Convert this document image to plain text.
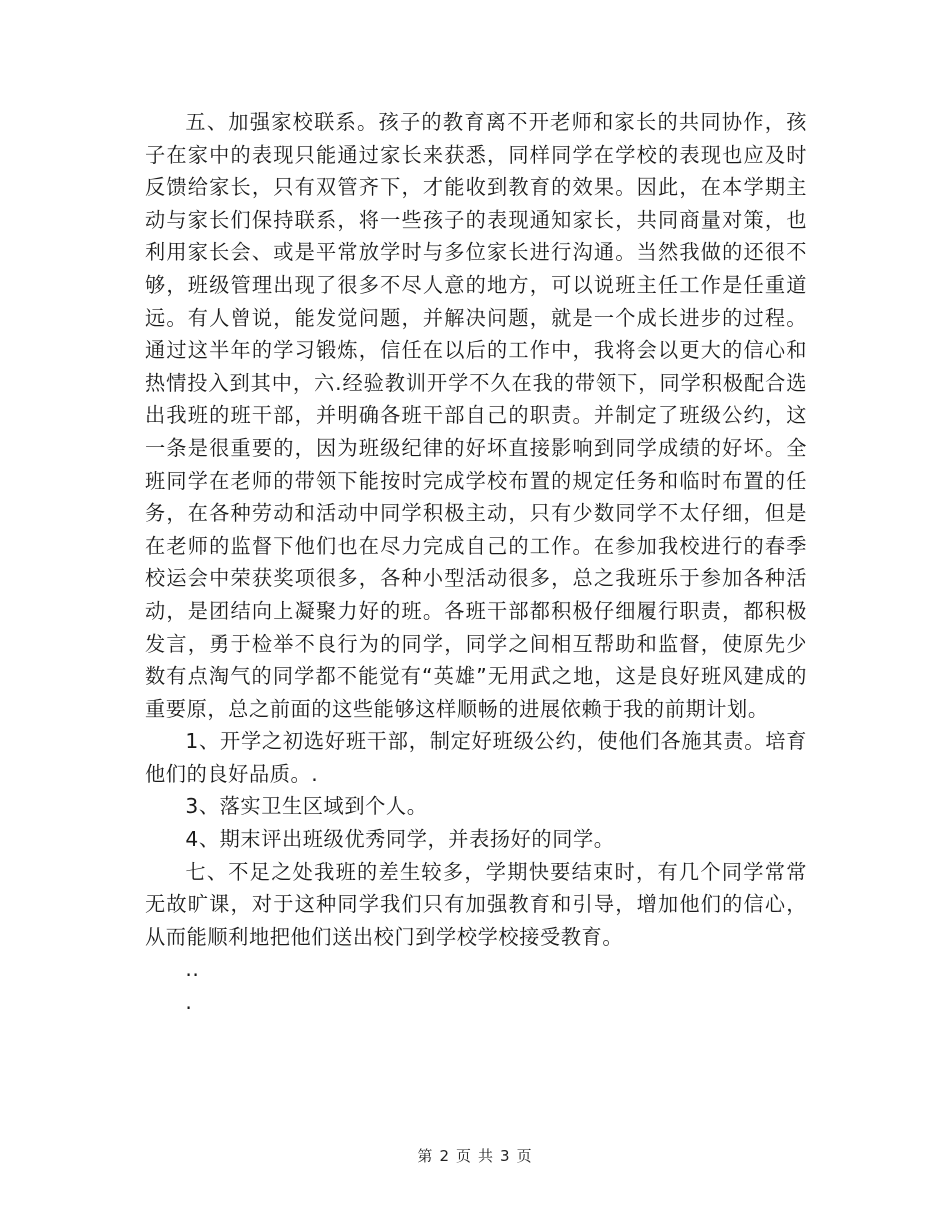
五、加强家校联系。孩子的教育离不开老师和家长的共同协作，孩子在家中的表现只能通过家长来获悉，同样同学在学校的表现也应及时反馈给家长，只有双管齐下，才能收到教育的效果。因此，在本学期主动与家长们保持联系，将一些孩子的表现通知家长，共同商量对策，也利用家长会、或是平常放学时与多位家长进行沟通。当然我做的还很不够，班级管理出现了很多不尽人意的地方，可以说班主任工作是任重道远。有人曾说，能发觉问题，并解决问题，就是一个成长进步的过程。通过这半年的学习锻炼，信任在以后的工作中，我将会以更大的信心和热情投入到其中，六.经验教训开学不久在我的带领下，同学积极配合选出我班的班干部，并明确各班干部自己的职责。并制定了班级公约，这一条是很重要的，因为班级纪律的好坏直接影响到同学成绩的好坏。全班同学在老师的带领下能按时完成学校布置的规定任务和临时布置的任务，在各种劳动和活动中同学积极主动，只有少数同学不太仔细，但是在老师的监督下他们也在尽力完成自己的工作。在参加我校进行的春季校运会中荣获奖项很多，各种小型活动很多，总之我班乐于参加各种活动，是团结向上凝聚力好的班。各班干部都积极仔细履行职责，都积极发言，勇于检举不良行为的同学，同学之间相互帮助和监督，使原先少数有点淘气的同学都不能觉有“英雄”无用武之地，这是良好班风建成的重要原，总之前面的这些能够这样顺畅的进展依赖于我的前期计划。

1、开学之初选好班干部，制定好班级公约，使他们各施其责。培育他们的良好品质。.

3、落实卫生区域到个人。

4、期末评出班级优秀同学，并表扬好的同学。

七、不足之处我班的差生较多，学期快要结束时，有几个同学常常无故旷课，对于这种同学我们只有加强教育和引导，增加他们的信心，从而能顺利地把他们送出校门到学校学校接受教育。

..

.

第 2 页 共 3 页
